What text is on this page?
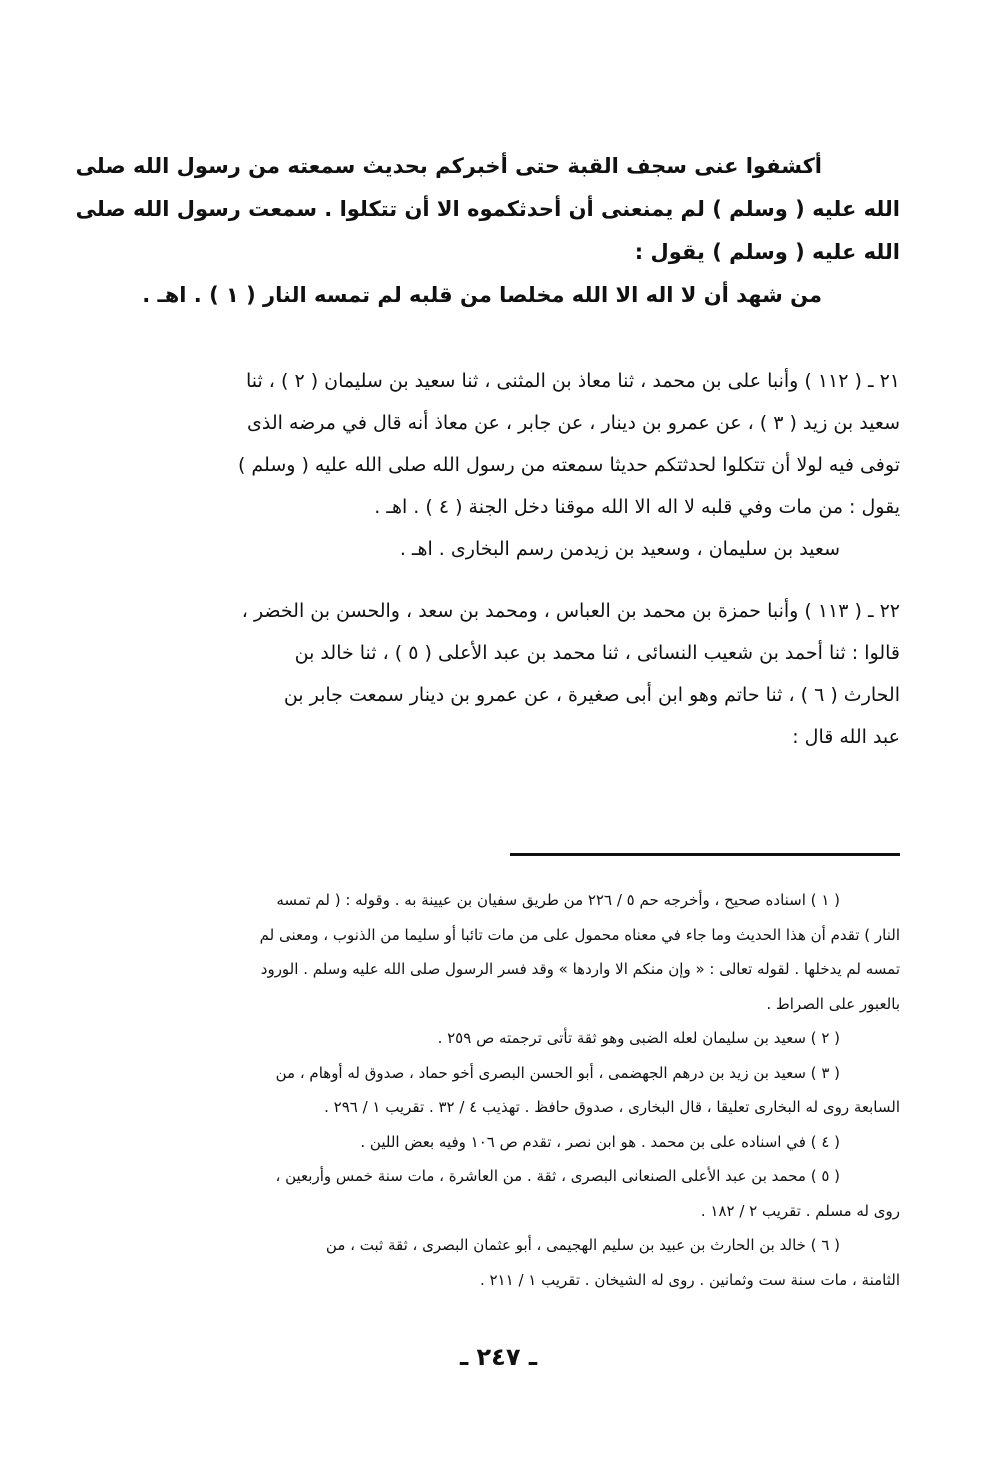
أكشفوا عنى سجف القبة حتى أخبركم بحديث سمعته من رسول الله صلى
الله عليه ( وسلم ) لم يمنعنى أن أحدثكموه الا أن تتكلوا . سمعت رسول الله صلى
الله عليه ( وسلم ) يقول :
من شهد أن لا اله الا الله مخلصا من قلبه لم تمسه النار ( ١ ) . اهـ .
٢١ ـ ( ١١٢ ) وأنبا على بن محمد ، ثنا معاذ بن المثنى ، ثنا سعيد بن سليمان ( ٢ ) ، ثنا
سعيد بن زيد ( ٣ ) ، عن عمرو بن دينار ، عن جابر ، عن معاذ أنه قال في مرضه الذى
توفى فيه لولا أن تتكلوا لحدثتكم حديثا سمعته من رسول الله صلى الله عليه ( وسلم )
يقول : من مات وفي قلبه لا اله الا الله موقنا دخل الجنة ( ٤ ) . اهـ .
سعيد بن سليمان ، وسعيد بن زيدمن رسم البخارى . اهـ .
٢٢ ـ ( ١١٣ ) وأنبا حمزة بن محمد بن العباس ، ومحمد بن سعد ، والحسن بن الخضر ،
قالوا : ثنا أحمد بن شعيب النسائى ، ثنا محمد بن عبد الأعلى ( ٥ ) ، ثنا خالد بن
الحارث ( ٦ ) ، ثنا حاتم وهو ابن أبى صغيرة ، عن عمرو بن دينار سمعت جابر بن
عبد الله قال :
( ١ ) اسناده صحيح ، وأخرجه حم ٥ / ٢٢٦ من طريق سفيان بن عيينة به . وقوله : ( لم تمسه
النار ) تقدم أن هذا الحديث وما جاء في معناه محمول على من مات تائبا أو سليما من الذنوب ، ومعنى لم
تمسه لم يدخلها . لقوله تعالى : « وإن منكم الا واردها » وقد فسر الرسول صلى الله عليه وسلم . الورود
بالعبور على الصراط .
( ٢ ) سعيد بن سليمان لعله الضبى وهو ثقة تأتى ترجمته ص ٢٥٩ .
( ٣ ) سعيد بن زيد بن درهم الجهضمى ، أبو الحسن البصرى أخو حماد ، صدوق له أوهام ، من
السابعة روى له البخارى تعليقا ، قال البخارى ، صدوق حافظ . تهذيب ٤ / ٣٢ . تقريب ١ / ٢٩٦ .
( ٤ ) في اسناده على بن محمد . هو ابن نصر ، تقدم ص ١٠٦ وفيه بعض اللين .
( ٥ ) محمد بن عبد الأعلى الصنعانى البصرى ، ثقة . من العاشرة ، مات سنة خمس وأربعين ،
روى له مسلم . تقريب ٢ / ١٨٢ .
( ٦ ) خالد بن الحارث بن عبيد بن سليم الهجيمى ، أبو عثمان البصرى ، ثقة ثبت ، من
الثامنة ، مات سنة ست وثمانين . روى له الشيخان . تقريب ١ / ٢١١ .
ـ ٢٤٧ ـ
